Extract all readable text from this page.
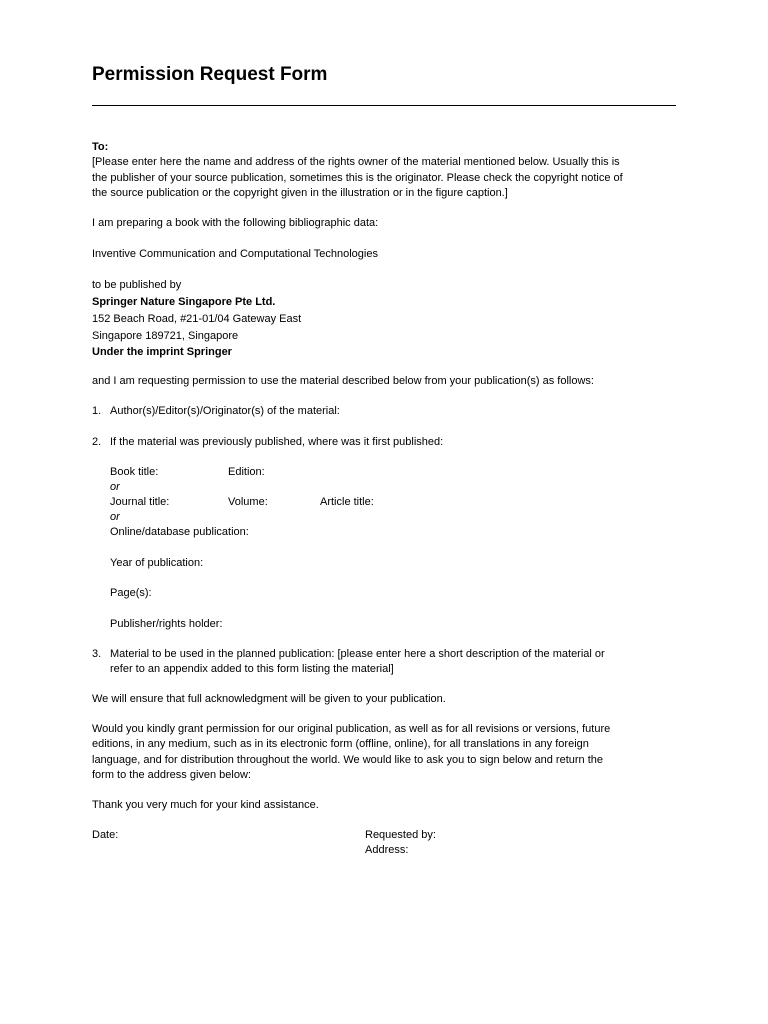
Permission Request Form
To:
[Please enter here the name and address of the rights owner of the material mentioned below. Usually this is
the publisher of your source publication, sometimes this is the originator. Please check the copyright notice of
the source publication or the copyright given in the illustration or in the figure caption.]
I am preparing a book with the following bibliographic data:
Inventive Communication and Computational Technologies
to be published by
Springer Nature Singapore Pte Ltd.
152 Beach Road, #21-01/04 Gateway East
Singapore 189721, Singapore
Under the imprint Springer
and I am requesting permission to use the material described below from your publication(s) as follows:
1. Author(s)/Editor(s)/Originator(s) of the material:
2. If the material was previously published, where was it first published:
Book title:	Edition:
or
Journal title:	Volume:	Article title:
or
Online/database publication:
Year of publication:
Page(s):
Publisher/rights holder:
3. Material to be used in the planned publication: [please enter here a short description of the material or
refer to an appendix added to this form listing the material]
We will ensure that full acknowledgment will be given to your publication.
Would you kindly grant permission for our original publication, as well as for all revisions or versions, future
editions, in any medium, such as in its electronic form (offline, online), for all translations in any foreign
language, and for distribution throughout the world. We would like to ask you to sign below and return the
form to the address given below:
Thank you very much for your kind assistance.
Date:	Requested by:
Address:
